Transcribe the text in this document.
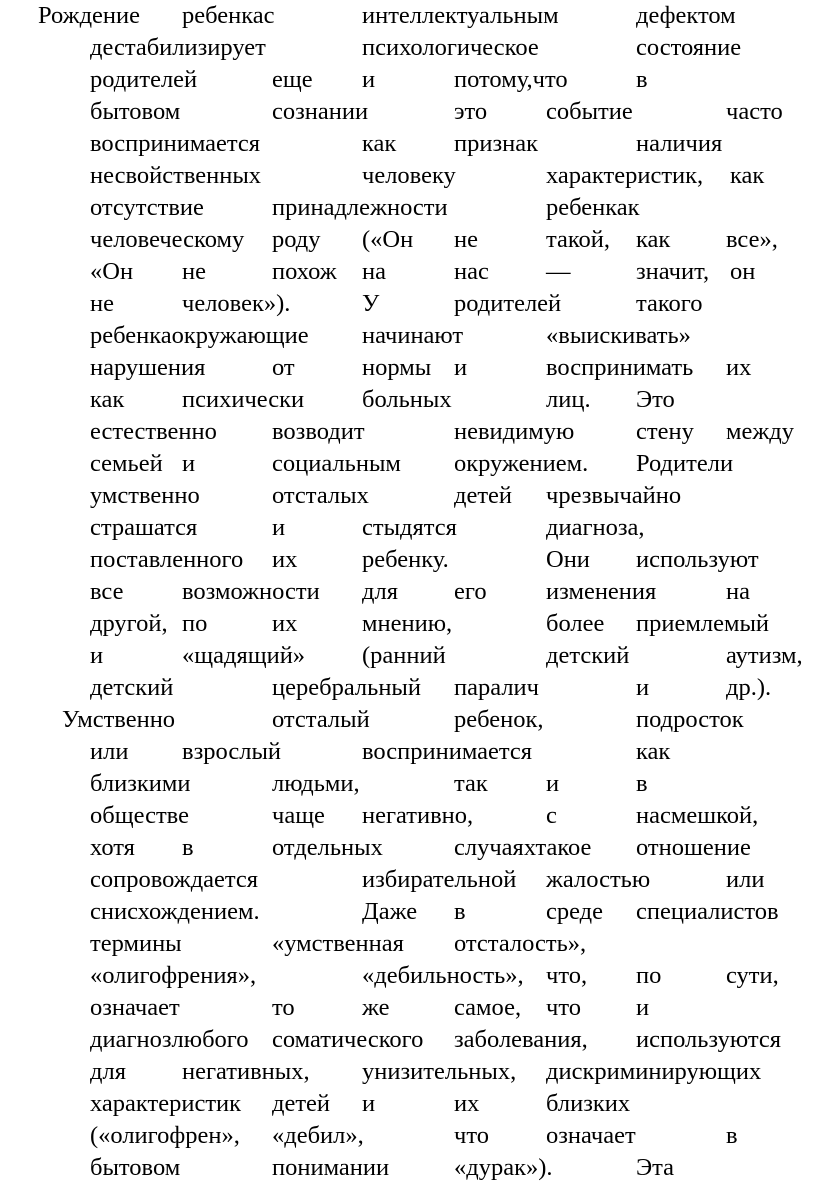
Рождение ребенкас	интеллектуальным	дефектом
дестабилизирует	психологическое	состояние
родителей	еще и	потому,что	в
бытовом	сознании	это событие	часто
воспринимается	как признак	наличия
несвойственных	человеку	характеристик, как
отсутствие	принадлежности	ребенкак
человеческому роду («Он не	такой, как все»,
«Он не	похож на	нас —	значит, он
не	человек»).	У	родителей	такого
ребенкаокружающие начинают	«выискивать»
нарушения	от	нормы и	воспринимать их
как психически больных	лиц. Это
естественно возводит	невидимую	стену между
семьей и	социальным окружением. Родители
умственно	отсталых	детей чрезвычайно
страшатся	и	стыдятся	диагноза,
поставленного их	ребенку.	Они используют
все возможности для его изменения	на
другой, по	их	мнению,	более приемлемый
и	«щадящий» (ранний	детский	аутизм,
детский	церебральный паралич	и	др.).
Умственно	отсталый	ребенок,	подросток
или взрослый	воспринимается	как
близкими	людьми,	так и	в
обществе	чаще негативно,	с	насмешкой,
хотя в	отдельных	случаяхтакое отношение
сопровождается	избирательной жалостью	или
снисхождением.	Даже в	среде специалистов
термины	«умственная отсталость»,
«олигофрения»,	«дебильность», что, по	сути,
означает	то	же	самое, что и
диагнозлюбого соматического заболевания, используются
для негативных, унизительных, дискриминирующих
характеристик детей и	их	близких
(«олигофрен», «дебил»,	что означает	в
бытовом	понимании	«дурак»).	Эта
